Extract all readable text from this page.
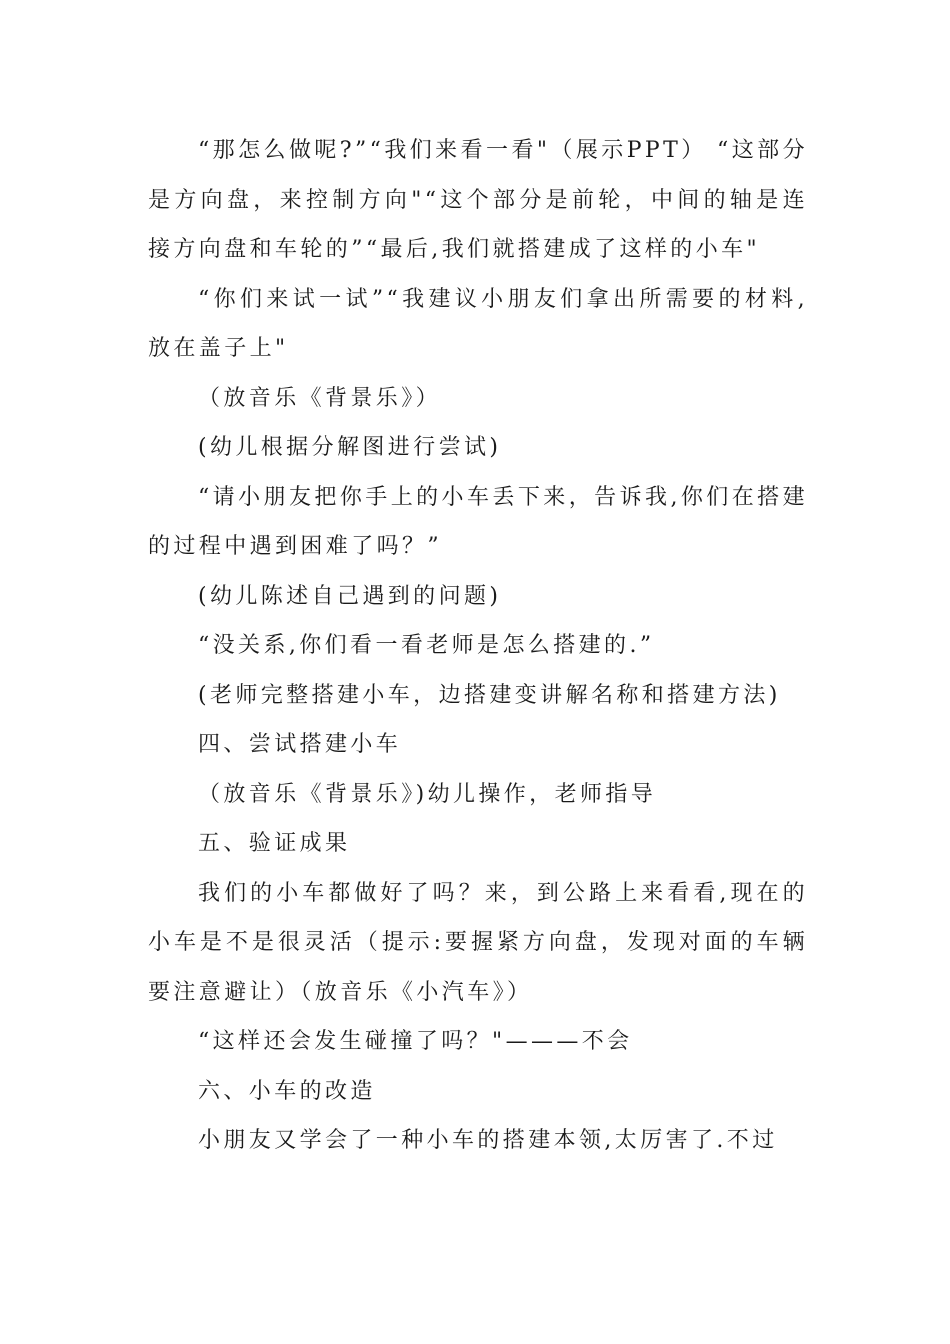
“那怎么做呢?”“我们来看一看"（展示PPT） “这部分是方向盘，来控制方向"“这个部分是前轮，中间的轴是连接方向盘和车轮的”“最后,我们就搭建成了这样的小车"

“你们来试一试”“我建议小朋友们拿出所需要的材料,放在盖子上"

（放音乐《背景乐》）

(幼儿根据分解图进行尝试)

“请小朋友把你手上的小车丢下来，告诉我,你们在搭建的过程中遇到困难了吗？”

(幼儿陈述自己遇到的问题)

“没关系,你们看一看老师是怎么搭建的.”

(老师完整搭建小车，边搭建变讲解名称和搭建方法)

四、尝试搭建小车

（放音乐《背景乐》)幼儿操作，老师指导

五、验证成果

我们的小车都做好了吗？来，到公路上来看看,现在的小车是不是很灵活（提示:要握紧方向盘，发现对面的车辆要注意避让）（放音乐《小汽车》）

“这样还会发生碰撞了吗？"———不会

六、小车的改造

小朋友又学会了一种小车的搭建本领,太厉害了.不过
